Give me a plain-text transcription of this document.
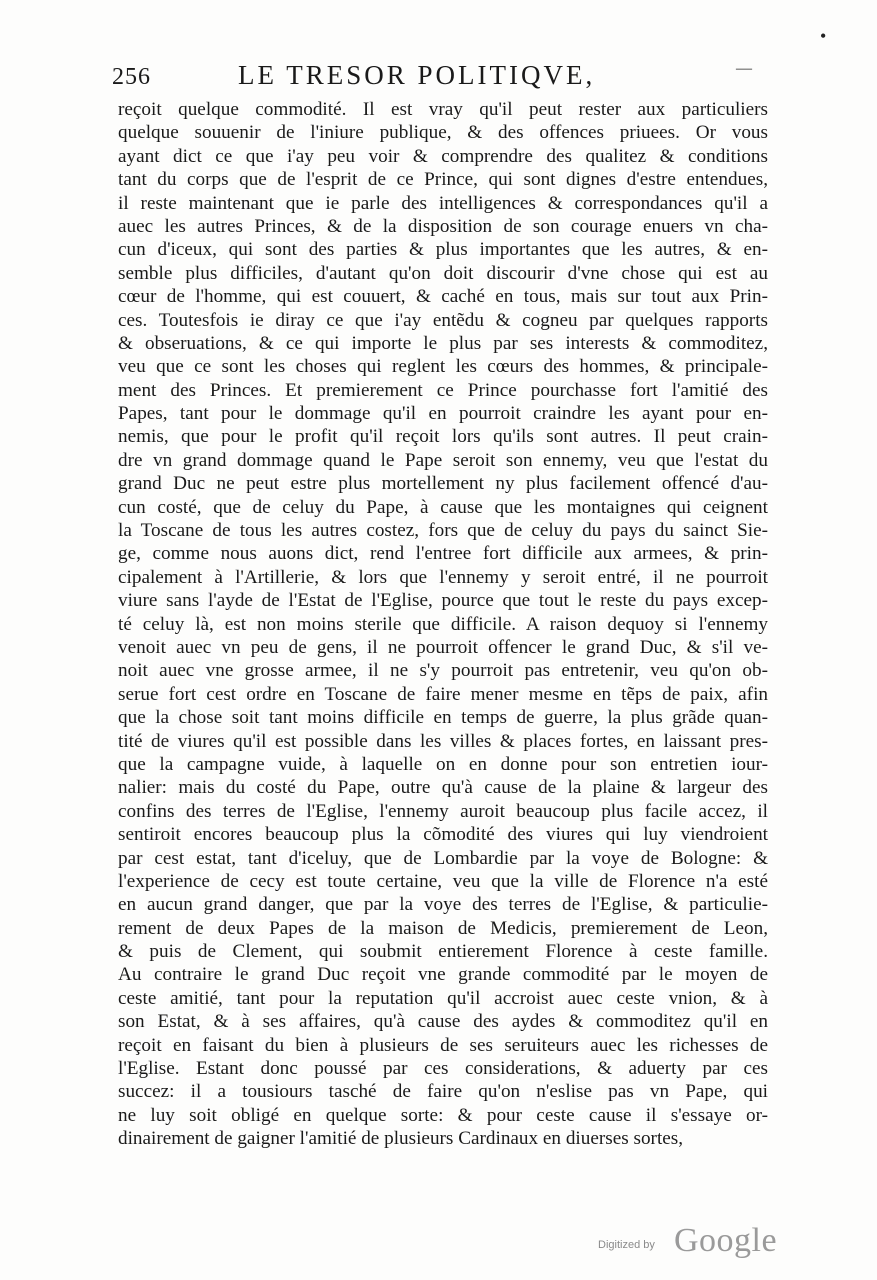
•
—
256	LE TRESOR POLITIQVE,
reçoit quelque commodité. Il est vray qu'il peut rester aux particuliers
quelque souuenir de l'iniure publique, & des offences priuees. Or vous
ayant dict ce que i'ay peu voir & comprendre des qualitez & conditions
tant du corps que de l'esprit de ce Prince, qui sont dignes d'estre entendues,
il reste maintenant que ie parle des intelligences & correspondances qu'il a
auec les autres Princes, & de la disposition de son courage enuers vn cha-
cun d'iceux, qui sont des parties & plus importantes que les autres, & en-
semble plus difficiles, d'autant qu'on doit discourir d'vne chose qui est au
cœur de l'homme, qui est couuert, & caché en tous, mais sur tout aux Prin-
ces. Toutesfois ie diray ce que i'ay entẽdu & cogneu par quelques rapports
& obseruations, & ce qui importe le plus par ses interests & commoditez,
veu que ce sont les choses qui reglent les cœurs des hommes, & principale-
ment des Princes. Et premierement ce Prince pourchasse fort l'amitié des
Papes, tant pour le dommage qu'il en pourroit craindre les ayant pour en-
nemis, que pour le profit qu'il reçoit lors qu'ils sont autres. Il peut crain-
dre vn grand dommage quand le Pape seroit son ennemy, veu que l'estat du
grand Duc ne peut estre plus mortellement ny plus facilement offencé d'au-
cun costé, que de celuy du Pape, à cause que les montaignes qui ceignent
la Toscane de tous les autres costez, fors que de celuy du pays du sainct Sie-
ge, comme nous auons dict, rend l'entree fort difficile aux armees, & prin-
cipalement à l'Artillerie, & lors que l'ennemy y seroit entré, il ne pourroit
viure sans l'ayde de l'Estat de l'Eglise, pource que tout le reste du pays excep-
té celuy là, est non moins sterile que difficile. A raison dequoy si l'ennemy
venoit auec vn peu de gens, il ne pourroit offencer le grand Duc, & s'il ve-
noit auec vne grosse armee, il ne s'y pourroit pas entretenir, veu qu'on ob-
serue fort cest ordre en Toscane de faire mener mesme en tẽps de paix, afin
que la chose soit tant moins difficile en temps de guerre, la plus grãde quan-
tité de viures qu'il est possible dans les villes & places fortes, en laissant pres-
que la campagne vuide, à laquelle on en donne pour son entretien iour-
nalier: mais du costé du Pape, outre qu'à cause de la plaine & largeur des
confins des terres de l'Eglise, l'ennemy auroit beaucoup plus facile accez, il
sentiroit encores beaucoup plus la cõmodité des viures qui luy viendroient
par cest estat, tant d'iceluy, que de Lombardie par la voye de Bologne: &
l'experience de cecy est toute certaine, veu que la ville de Florence n'a esté
en aucun grand danger, que par la voye des terres de l'Eglise, & particulie-
rement de deux Papes de la maison de Medicis, premierement de Leon,
& puis de Clement, qui soubmit entierement Florence à ceste famille.
Au contraire le grand Duc reçoit vne grande commodité par le moyen de
ceste amitié, tant pour la reputation qu'il accroist auec ceste vnion, & à
son Estat, & à ses affaires, qu'à cause des aydes & commoditez qu'il en
reçoit en faisant du bien à plusieurs de ses seruiteurs auec les richesses de
l'Eglise. Estant donc poussé par ces considerations, & aduerty par ces
succez: il a tousiours tasché de faire qu'on n'eslise pas vn Pape, qui
ne luy soit obligé en quelque sorte: & pour ceste cause il s'essaye or-
dinairement de gaigner l'amitié de plusieurs Cardinaux en diuerses sortes,
Digitized by Google
